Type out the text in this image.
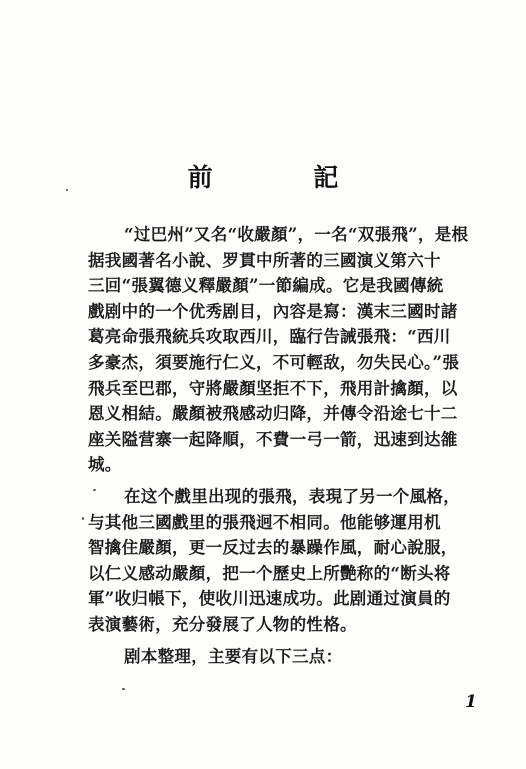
前 記
“过巴州”又名“收嚴顏”，一名“双張飛”，是根
据我國著名小說、罗貫中所著的三國演义第六十
三回“張翼德义釋嚴顏”一節編成。它是我國傳統
戲剧中的一个优秀剧目，內容是寫：漢末三國时諸
葛亮命張飛統兵攻取西川，臨行告誡張飛：“西川
多豪杰，須要施行仁义，不可輕敌，勿失民心。”張
飛兵至巴郡，守將嚴顏坚拒不下，飛用計擒顏，以
恩义相結。嚴顏被飛感动归降，并傳令沿途七十二
座关隘营寨一起降順，不費一弓一箭，迅速到达雒
城。
在这个戲里出现的張飛，表現了另一个風格，
与其他三國戲里的張飛迥不相同。他能够運用机
智擒住嚴顏，更一反过去的暴躁作風，耐心說服，
以仁义感动嚴顏，把一个歷史上所艷称的“断头将
軍”收归帳下，使收川迅速成功。此剧通过演員的
表演藝術，充分發展了人物的性格。
剧本整理，主要有以下三点：
1
